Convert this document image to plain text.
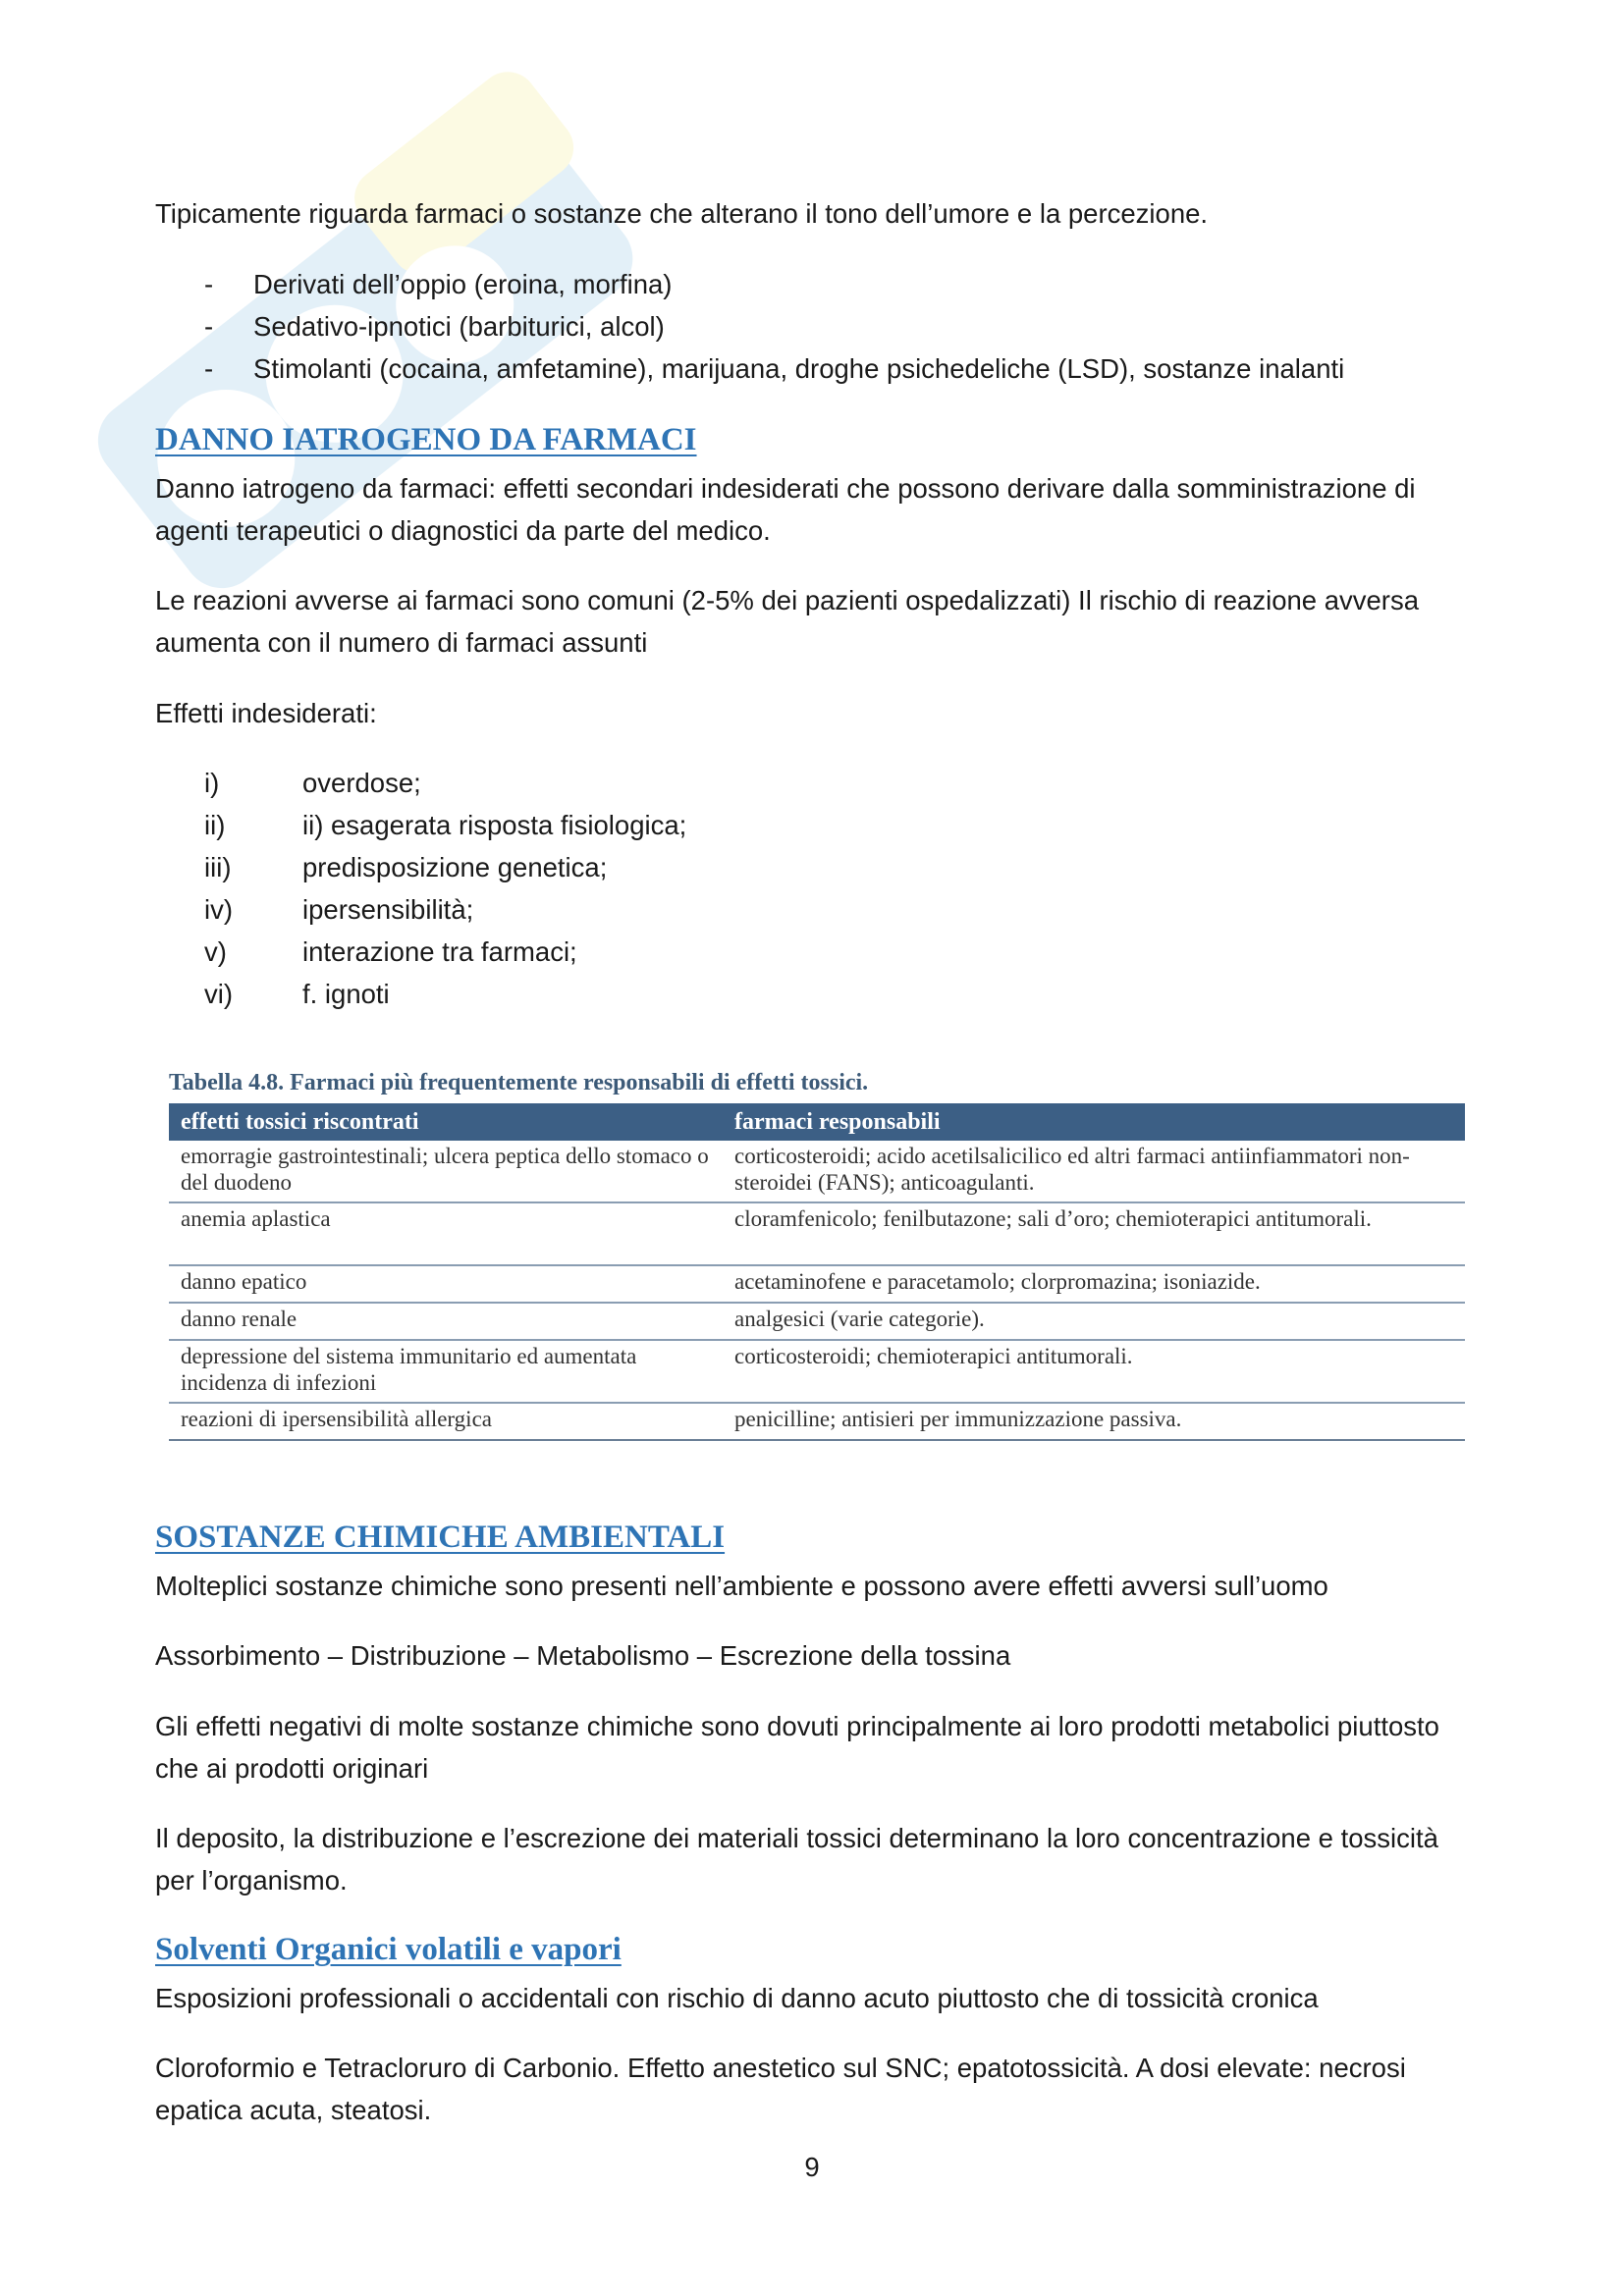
Tipicamente riguarda farmaci o sostanze che alterano il tono dell’umore e la percezione.

- Derivati dell’oppio (eroina, morfina)
- Sedativo-ipnotici (barbiturici, alcol)
- Stimolanti (cocaina, amfetamine), marijuana, droghe psichedeliche (LSD), sostanze inalanti
DANNO IATROGENO DA FARMACI

Danno iatrogeno da farmaci: effetti secondari indesiderati che possono derivare dalla somministrazione di agenti terapeutici o diagnostici da parte del medico.

Le reazioni avverse ai farmaci sono comuni (2-5% dei pazienti ospedalizzati) Il rischio di reazione avversa aumenta con il numero di farmaci assunti

Effetti indesiderati:

i)	overdose;
ii)	ii) esagerata risposta fisiologica;
iii)	predisposizione genetica;
iv)	ipersensibilità;
v)	interazione tra farmaci;
vi)	f. ignoti
Tabella 4.8. Farmaci più frequentemente responsabili di effetti tossici.
effetti tossici riscontrati	farmaci responsabili
emorragie gastrointestinali; ulcera peptica dello stomaco o del duodeno	corticosteroidi; acido acetilsalicilico ed altri farmaci antiinfiammatori non-steroidei (FANS); anticoagulanti.
anemia aplastica	cloramfenicolo; fenilbutazone; sali d’oro; chemioterapici antitumorali.
danno epatico	acetaminofene e paracetamolo; clorpromazina; isoniazide.
danno renale	analgesici (varie categorie).
depressione del sistema immunitario ed aumentata incidenza di infezioni	corticosteroidi; chemioterapici antitumorali.
reazioni di ipersensibilità allergica	penicilline; antisieri per immunizzazione passiva.
SOSTANZE CHIMICHE AMBIENTALI

Molteplici sostanze chimiche sono presenti nell’ambiente e possono avere effetti avversi sull’uomo

Assorbimento – Distribuzione – Metabolismo – Escrezione della tossina

Gli effetti negativi di molte sostanze chimiche sono dovuti principalmente ai loro prodotti metabolici piuttosto che ai prodotti originari

Il deposito, la distribuzione e l’escrezione dei materiali tossici determinano la loro concentrazione e tossicità per l’organismo.

Solventi Organici volatili e vapori

Esposizioni professionali o accidentali con rischio di danno acuto piuttosto che di tossicità cronica

Cloroformio e Tetracloruro di Carbonio. Effetto anestetico sul SNC; epatotossicità. A dosi elevate: necrosi epatica acuta, steatosi.

9
